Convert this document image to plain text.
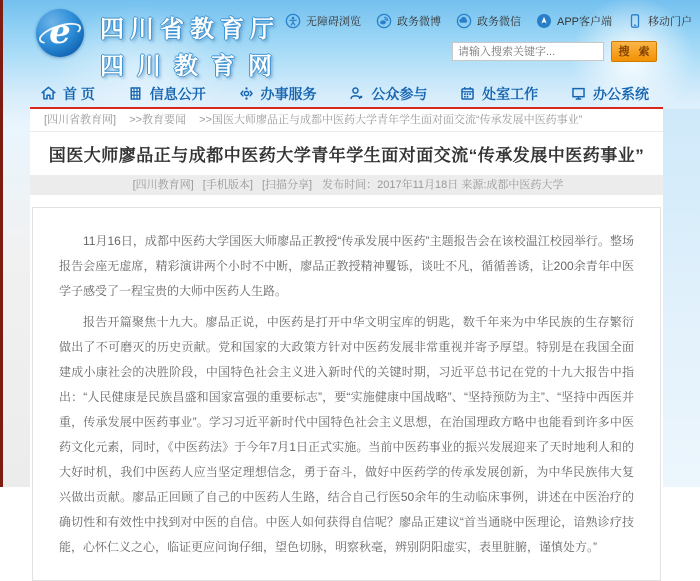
e	四川省教育厅
四川教育网
无障碍浏览	政务微博	政务微信	APP客户端	移动门户
请输入搜索关键字...
搜 索
首 页	信息公开	办事服务	公众参与	处室工作	办公系统
[四川省教育网] >>教育要闻 >>国医大师廖品正与成都中医药大学青年学生面对面交流“传承发展中医药事业”
国医大师廖品正与成都中医药大学青年学生面对面交流“传承发展中医药事业”
[四川教育网] [手机版本] [扫描分享] 发布时间：2017年11月18日 来源:成都中医药大学

11月16日，成都中医药大学国医大师廖品正教授“传承发展中医药”主题报告会在该校温江校园举行。整场报告会座无虚席，精彩演讲两个小时不中断，廖品正教授精神矍铄，谈吐不凡，循循善诱，让200余青年中医学子感受了一程宝贵的大师中医药人生路。

报告开篇聚焦十九大。廖品正说，中医药是打开中华文明宝库的钥匙，数千年来为中华民族的生存繁衍做出了不可磨灭的历史贡献。党和国家的大政策方针对中医药发展非常重视并寄予厚望。特别是在我国全面建成小康社会的决胜阶段，中国特色社会主义进入新时代的关键时期，习近平总书记在党的十九大报告中指出：“人民健康是民族昌盛和国家富强的重要标志”，要“实施健康中国战略”、“坚持预防为主”、“坚持中西医并重，传承发展中医药事业”。学习习近平新时代中国特色社会主义思想，在治国理政方略中也能看到许多中医药文化元素，同时，《中医药法》于今年7月1日正式实施。当前中医药事业的振兴发展迎来了天时地利人和的大好时机，我们中医药人应当坚定理想信念，勇于奋斗，做好中医药学的传承发展创新，为中华民族伟大复兴做出贡献。廖品正回顾了自己的中医药人生路，结合自己行医50余年的生动临床事例，讲述在中医治疗的确切性和有效性中找到对中医的自信。中医人如何获得自信呢？廖品正建议“首当通晓中医理论，谙熟诊疗技能，心怀仁义之心，临证更应问询仔细，望色切脉，明察秋毫，辨别阴阳虚实，表里脏腑，谨慎处方。”
